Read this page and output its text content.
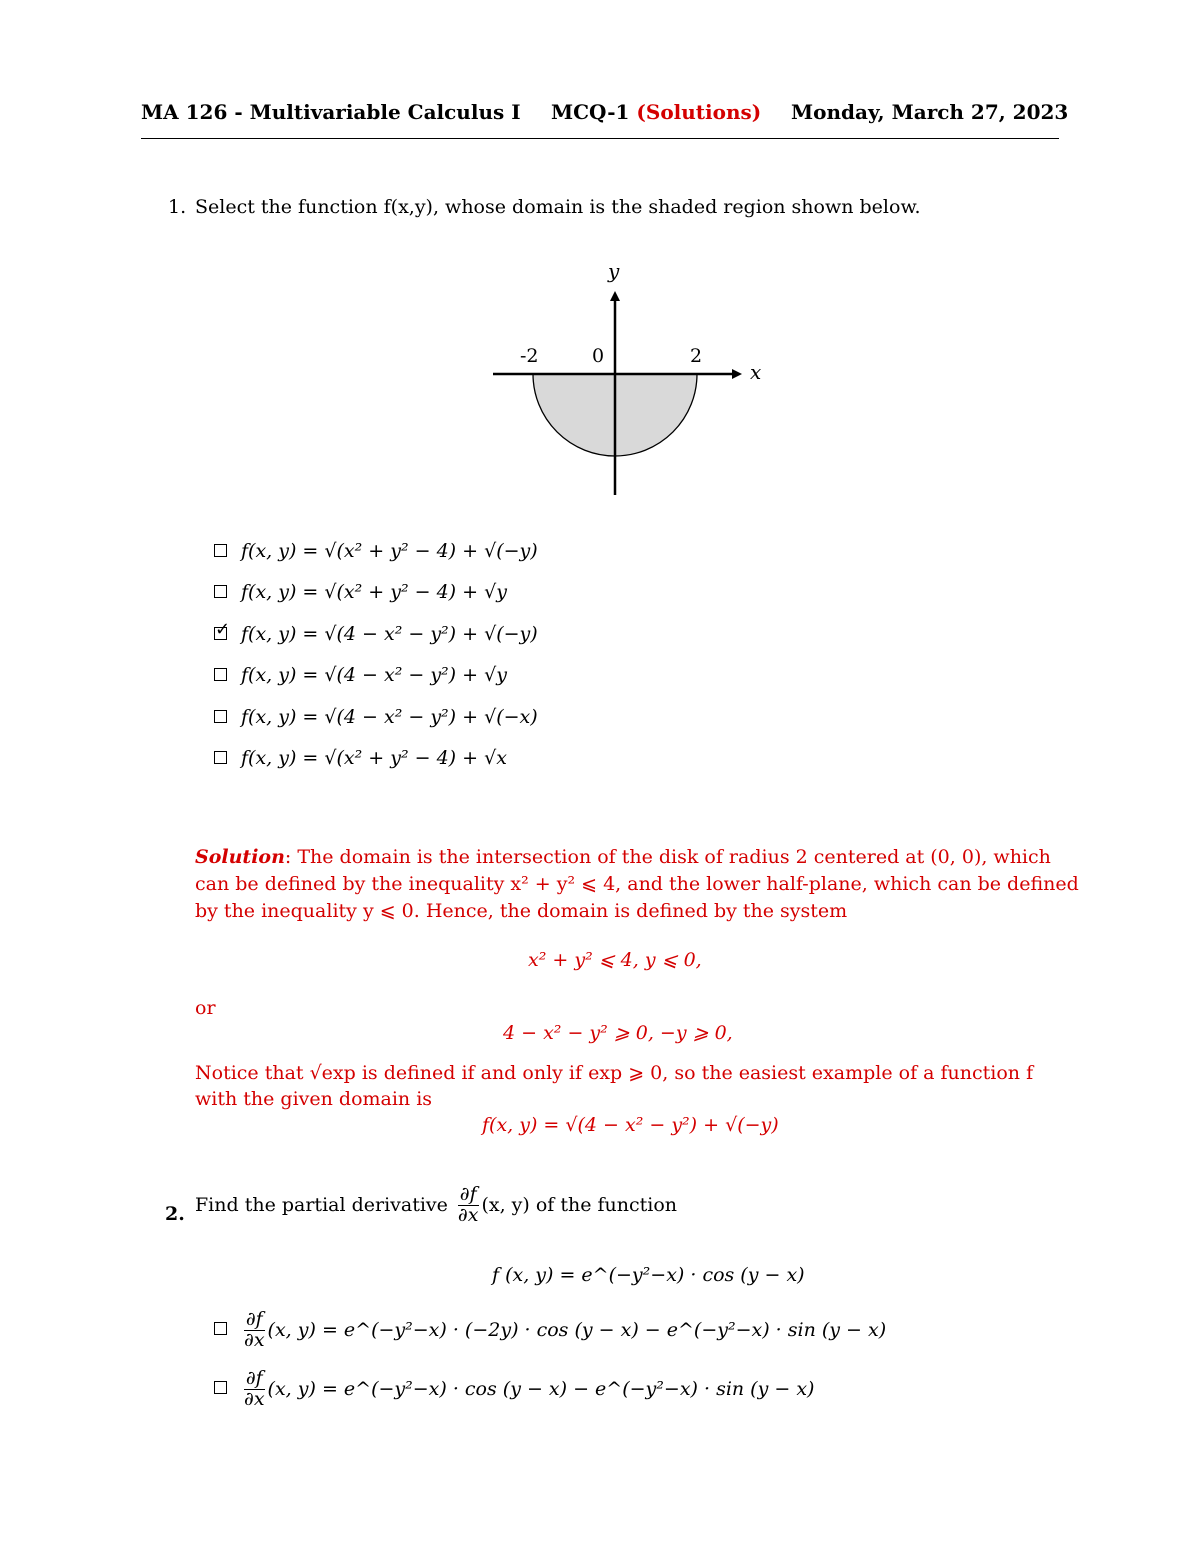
MA 126 - Multivariable Calculus I MCQ-1 (Solutions) Monday, March 27, 2023
1. Select the function f(x,y), whose domain is the shaded region shown below.
y
x
-2	0	2
f(x, y) = √(x² + y² − 4) + √(−y)
f(x, y) = √(x² + y² − 4) + √y
✓f(x, y) = √(4 − x² − y²) + √(−y)
f(x, y) = √(4 − x² − y²) + √y
f(x, y) = √(4 − x² − y²) + √(−x)
f(x, y) = √(x² + y² − 4) + √x
Solution: The domain is the intersection of the disk of radius 2 centered at (0, 0), which
can be defined by the inequality x² + y² ⩽ 4, and the lower half-plane, which can be defined
by the inequality y ⩽ 0. Hence, the domain is defined by the system
x² + y² ⩽ 4, y ⩽ 0,
or
4 − x² − y² ⩾ 0, −y ⩾ 0,
Notice that √exp is defined if and only if exp ⩾ 0, so the easiest example of a function f
with the given domain is
f(x, y) = √(4 − x² − y²) + √(−y)
2. Find the partial derivative $\frac{\partial f}{\partial x} (x$, y) of the function
f (x, y) = e^(−y²−x) · cos (y − x)
$\frac{\partial f}{\partial x} (x$, y) = e^(−y²−x) · (−2y) · cos (y − x) − e^(−y²−x) · sin (y − x)
$\frac{\partial f}{\partial x} (x$, y) = e^(−y²−x) · cos (y − x) − e^(−y²−x) · sin (y − x)
